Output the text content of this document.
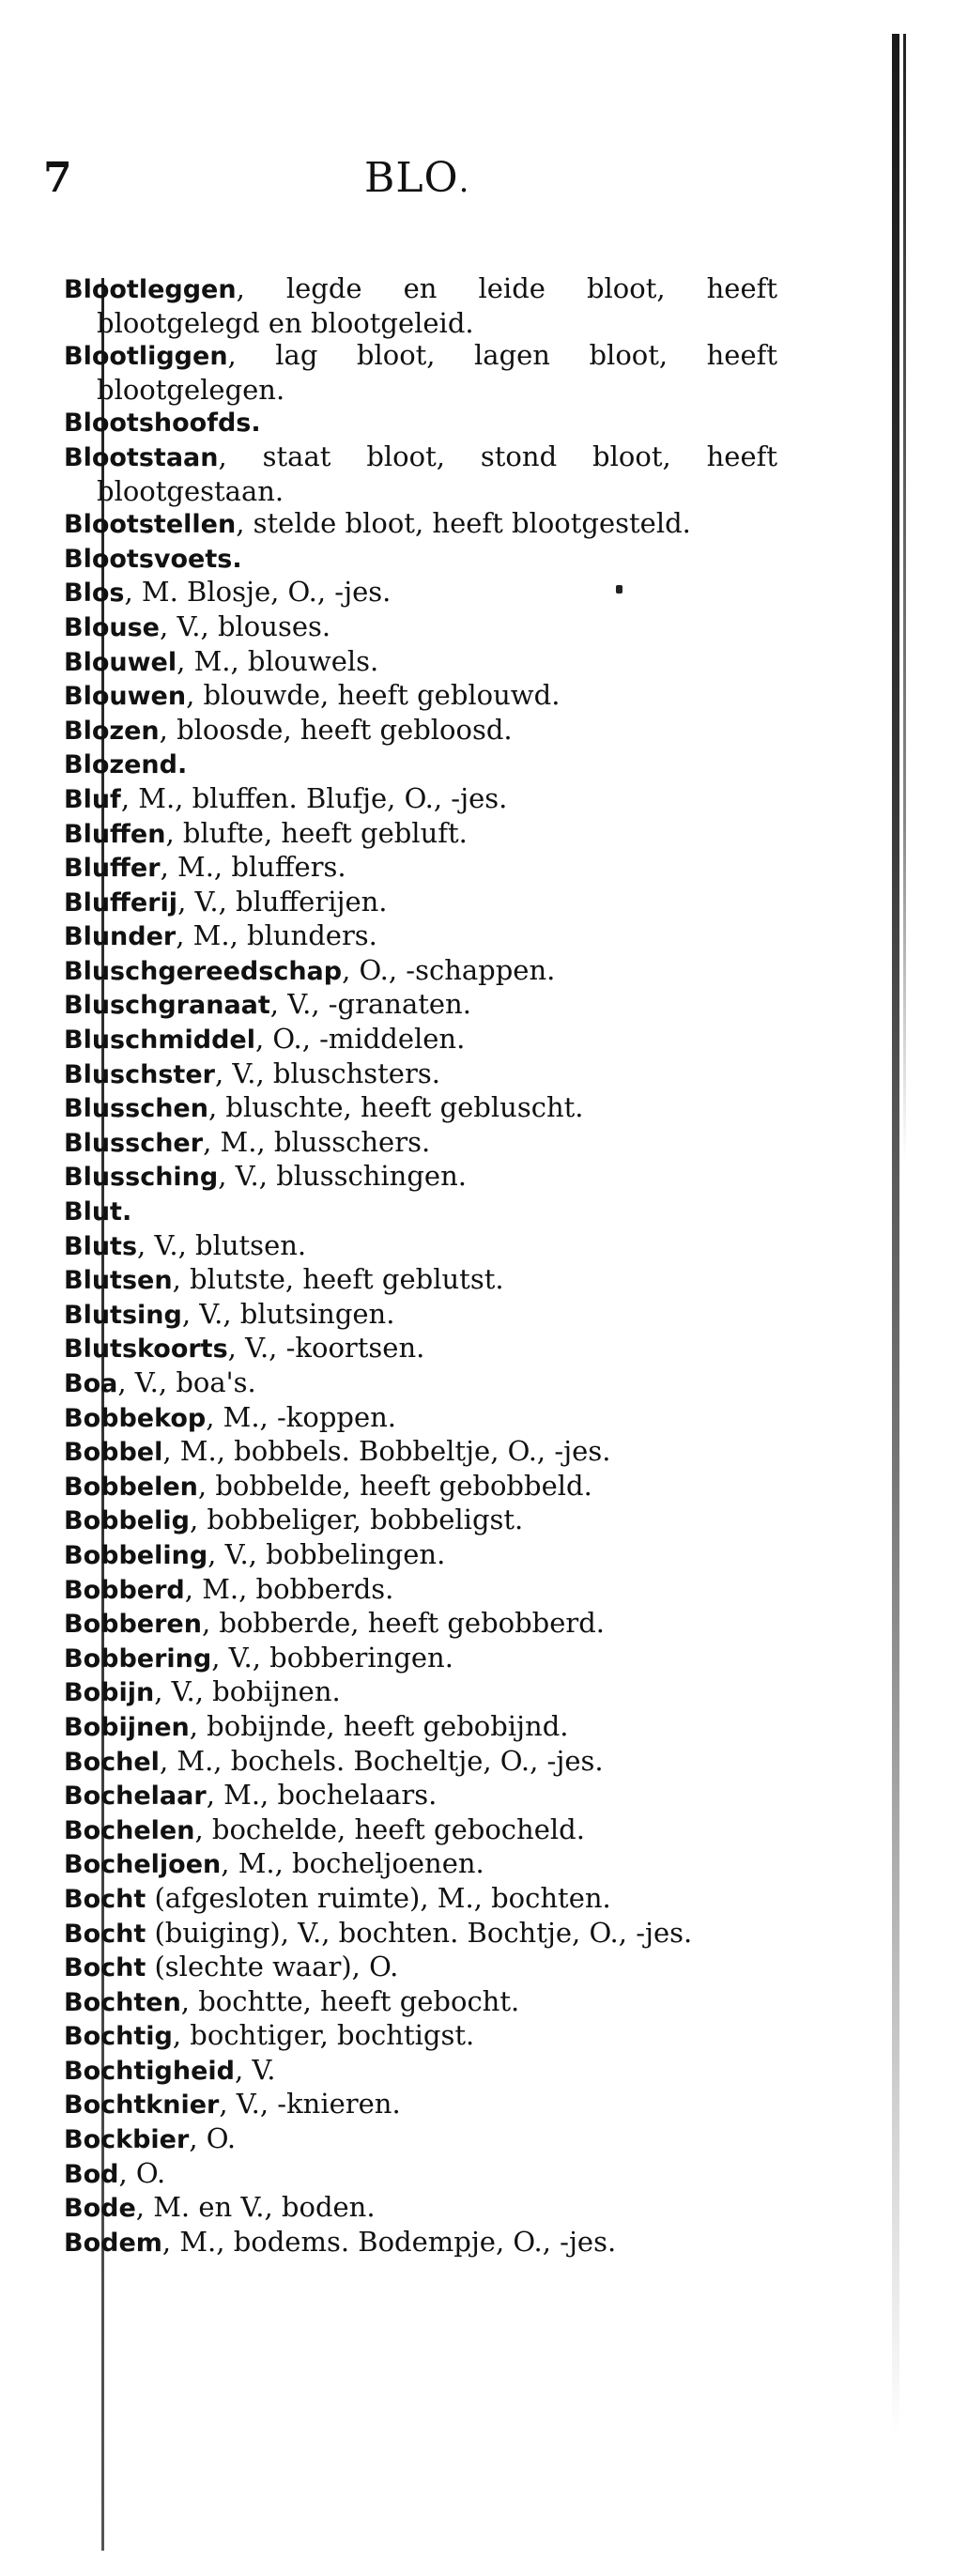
7	BLO.
Blootleggen, legde en leide bloot, heeft blootgelegd en blootgeleid.
Blootliggen, lag bloot, lagen bloot, heeft blootgelegen.
Blootshoofds.
Blootstaan, staat bloot, stond bloot, heeft blootgestaan.
Blootstellen, stelde bloot, heeft blootgesteld.
Blootsvoets.
Blos, M. Blosje, O., -jes.
Blouse, V., blouses.
Blouwel, M., blouwels.
Blouwen, blouwde, heeft geblouwd.
Blozen, bloosde, heeft gebloosd.
Blozend.
Bluf, M., bluffen. Blufje, O., -jes.
Bluffen, blufte, heeft gebluft.
Bluffer, M., bluffers.
Blufferij, V., blufferijen.
Blunder, M., blunders.
Bluschgereedschap, O., -schappen.
Bluschgranaat, V., -granaten.
Bluschmiddel, O., -middelen.
Bluschster, V., bluschsters.
Blusschen, bluschte, heeft gebluscht.
Blusscher, M., blusschers.
Blussching, V., blusschingen.
Blut.
Bluts, V., blutsen.
Blutsen, blutste, heeft geblutst.
Blutsing, V., blutsingen.
Blutskoorts, V., -koortsen.
Boa, V., boa's.
Bobbekop, M., -koppen.
Bobbel, M., bobbels. Bobbeltje, O., -jes.
Bobbelen, bobbelde, heeft gebobbeld.
Bobbelig, bobbeliger, bobbeligst.
Bobbeling, V., bobbelingen.
Bobberd, M., bobberds.
Bobberen, bobberde, heeft gebobberd.
Bobbering, V., bobberingen.
Bobijn, V., bobijnen.
Bobijnen, bobijnde, heeft gebobijnd.
Bochel, M., bochels. Bocheltje, O., -jes.
Bochelaar, M., bochelaars.
Bochelen, bochelde, heeft gebocheld.
Bocheljoen, M., bocheljoenen.
Bocht (afgesloten ruimte), M., bochten.
Bocht (buiging), V., bochten. Bochtje, O., -jes.
Bocht (slechte waar), O.
Bochten, bochtte, heeft gebocht.
Bochtig, bochtiger, bochtigst.
Bochtigheid, V.
Bochtknier, V., -knieren.
Bockbier, O.
Bod, O.
Bode, M. en V., boden.
Bodem, M., bodems. Bodempje, O., -jes.
